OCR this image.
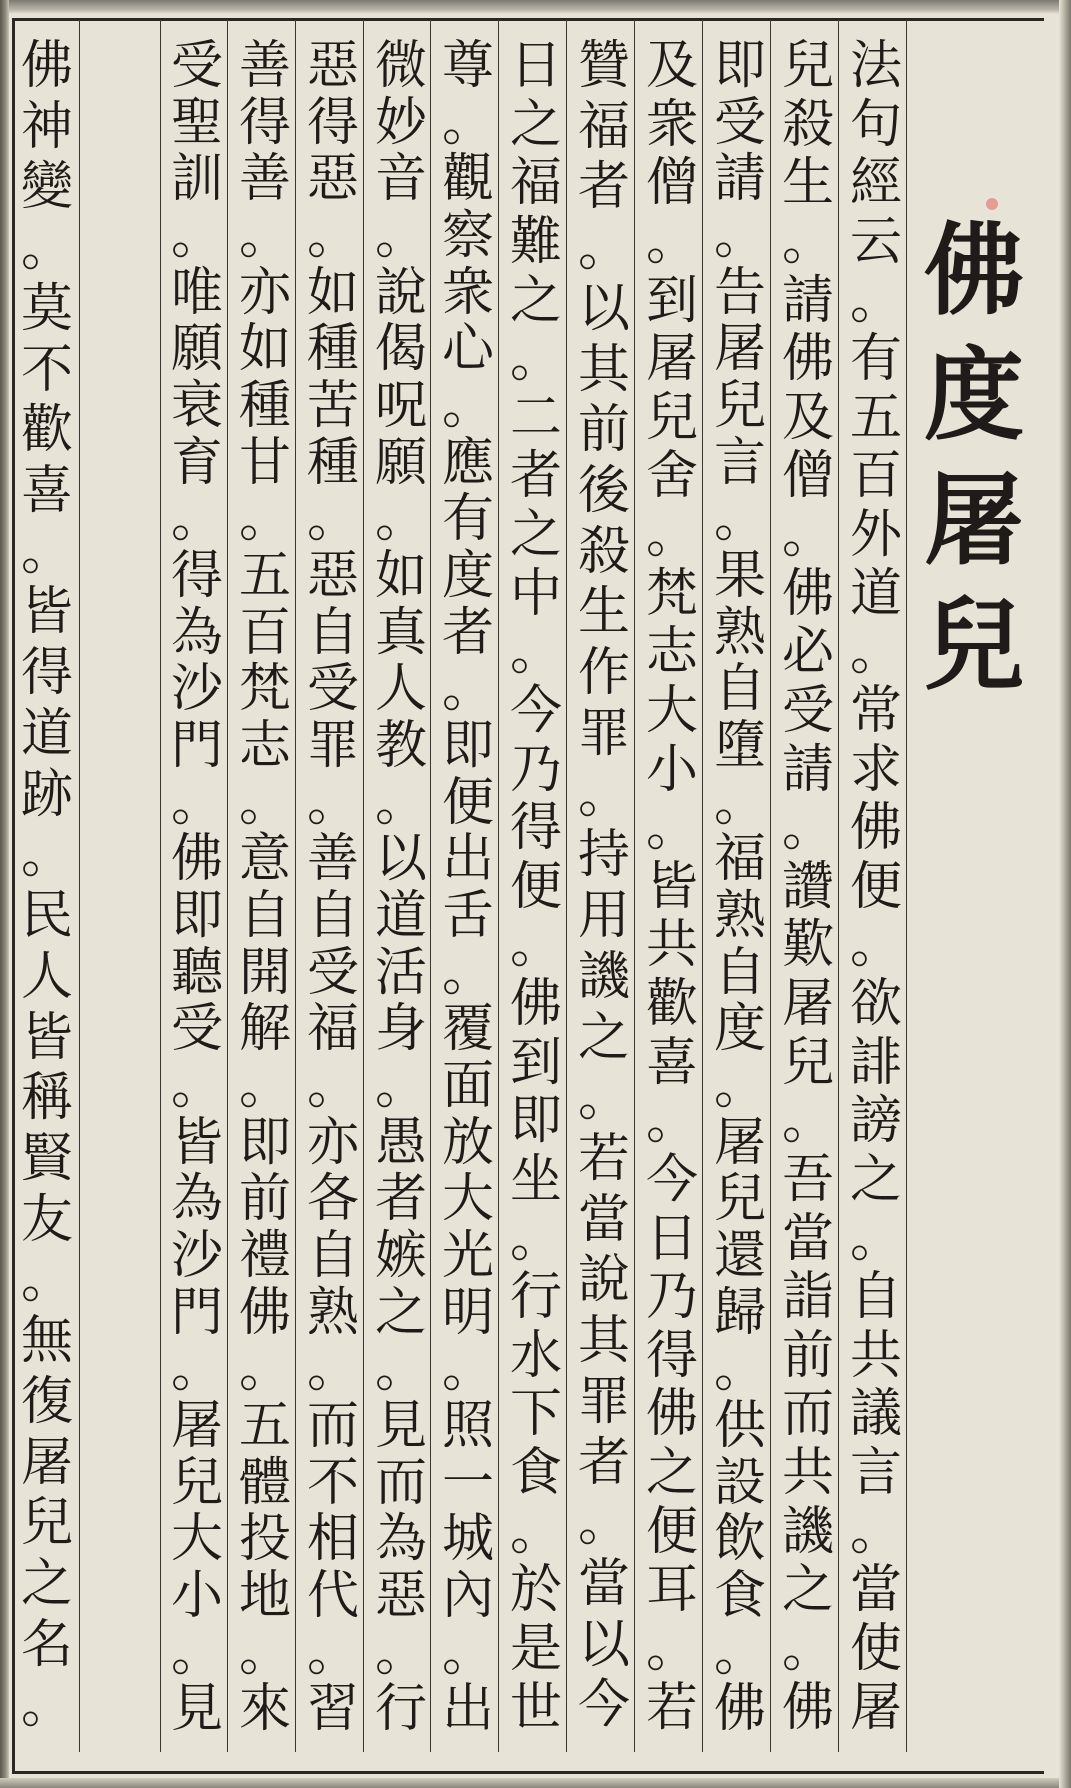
佛
度
屠
兒
法
句
經
云
。
有
五
百
外
道
。
常
求
佛
便
。
欲
誹
謗
之
。
自
共
議
言
。
當
使
屠
兒
殺
生
。
請
佛
及
僧
。
佛
必
受
請
。
讚
歎
屠
兒
。
吾
當
詣
前
而
共
譏
之
。
佛
即
受
請
。
告
屠
兒
言
。
果
熟
自
墮
。
福
熟
自
度
。
屠
兒
還
歸
。
供
設
飲
食
。
佛
及
衆
僧
。
到
屠
兒
舍
。
梵
志
大
小
。
皆
共
歡
喜
。
今
日
乃
得
佛
之
便
耳
。
若
贊
福
者
。
以
其
前
後
殺
生
作
罪
。
持
用
譏
之
。
若
當
說
其
罪
者
。
當
以
今
日
之
福
難
之
。
二
者
之
中
。
今
乃
得
便
。
佛
到
即
坐
。
行
水
下
食
。
於
是
世
尊
。
觀
察
衆
心
。
應
有
度
者
。
即
便
出
舌
。
覆
面
放
大
光
明
。
照
一
城
內
。
出
微
妙
音
。
說
偈
呪
願
。
如
真
人
教
。
以
道
活
身
。
愚
者
嫉
之
。
見
而
為
惡
。
行
惡
得
惡
。
如
種
苦
種
。
惡
自
受
罪
。
善
自
受
福
。
亦
各
自
熟
。
而
不
相
代
。
習
善
得
善
。
亦
如
種
甘
。
五
百
梵
志
。
意
自
開
解
。
即
前
禮
佛
。
五
體
投
地
。
來
受
聖
訓
。
唯
願
衰
育
。
得
為
沙
門
。
佛
即
聽
受
。
皆
為
沙
門
。
屠
兒
大
小
。
見
佛
神
變
。
莫
不
歡
喜
。
皆
得
道
跡
。
民
人
皆
稱
賢
友
。
無
復
屠
兒
之
名
。
